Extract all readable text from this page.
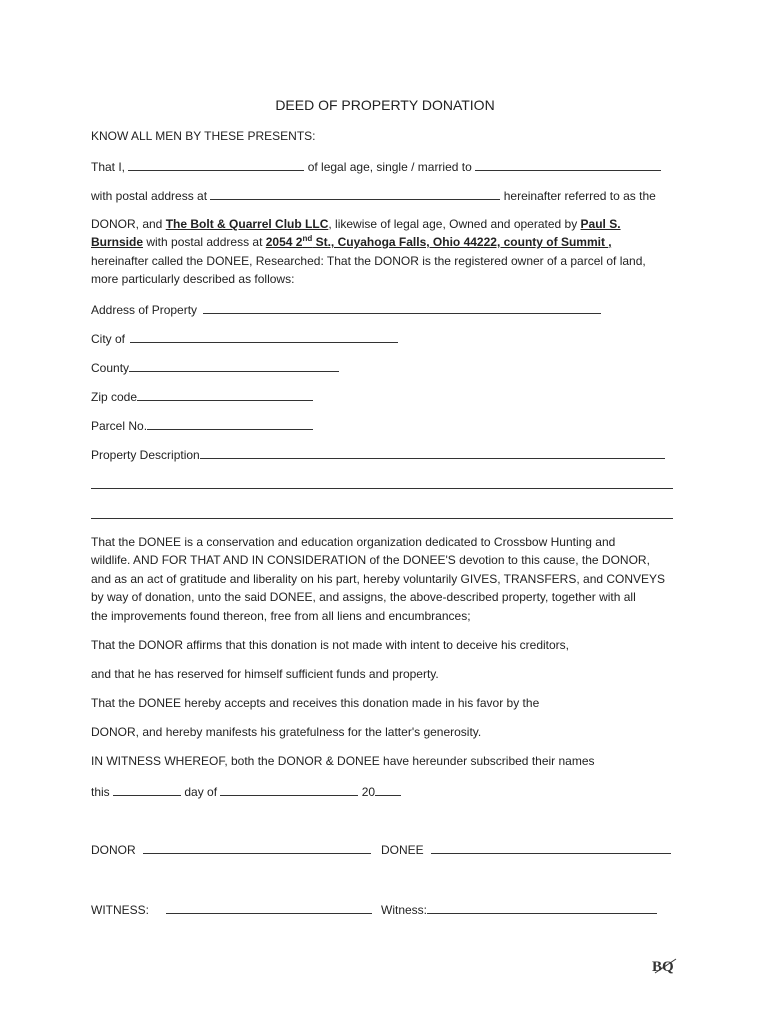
DEED OF PROPERTY DONATION
KNOW ALL MEN BY THESE PRESENTS:
That I,	of legal age, single / married to
with postal address at	hereinafter referred to as the
DONOR, and The Bolt & Quarrel Club LLC, likewise of legal age, Owned and operated by Paul S.
Burnside with postal address at 2054 2nd St., Cuyahoga Falls, Ohio 44222, county of Summit ,
hereinafter called the DONEE, Researched: That the DONOR is the registered owner of a parcel of land,
more particularly described as follows:
Address of Property
City of
County
Zip code
Parcel No.
Property Description
That the DONEE is a conservation and education organization dedicated to Crossbow Hunting and
wildlife. AND FOR THAT AND IN CONSIDERATION of the DONEE'S devotion to this cause, the DONOR,
and as an act of gratitude and liberality on his part, hereby voluntarily GIVES, TRANSFERS, and CONVEYS
by way of donation, unto the said DONEE, and assigns, the above-described property, together with all
the improvements found thereon, free from all liens and encumbrances;
That the DONOR affirms that this donation is not made with intent to deceive his creditors,
and that he has reserved for himself sufficient funds and property.
That the DONEE hereby accepts and receives this donation made in his favor by the
DONOR, and hereby manifests his gratefulness for the latter's generosity.
IN WITNESS WHEREOF, both the DONOR & DONEE have hereunder subscribed their names
this	day of	20
DONOR	DONEE
WITNESS:	Witness:
BQ
